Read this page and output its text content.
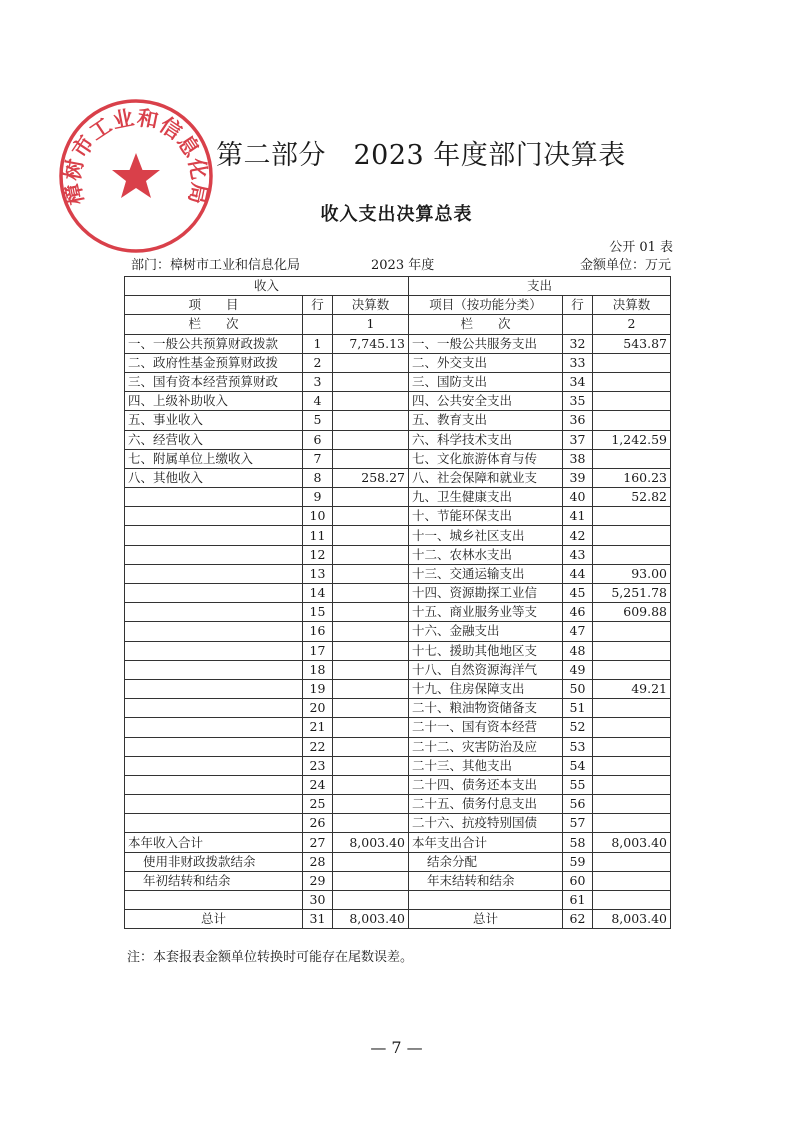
樟树市工业和信息化局
第二部分　2023 年度部门决算表
收入支出决算总表
公开 01 表
部门：樟树市工业和信息化局	2023 年度	金额单位：万元
收入			支出		
项　　目	行	决算数	项目（按功能分类）	行	决算数
栏　　次		1	栏　　次		2
一、一般公共预算财政拨款	1	7,745.13	一、一般公共服务支出	32	543.87
二、政府性基金预算财政拨	2		二、外交支出	33	
三、国有资本经营预算财政	3		三、国防支出	34	
四、上级补助收入	4		四、公共安全支出	35	
五、事业收入	5		五、教育支出	36	
六、经营收入	6		六、科学技术支出	37	1,242.59
七、附属单位上缴收入	7		七、文化旅游体育与传	38	
八、其他收入	8	258.27	八、社会保障和就业支	39	160.23
	9		九、卫生健康支出	40	52.82
	10		十、节能环保支出	41	
	11		十一、城乡社区支出	42	
	12		十二、农林水支出	43	
	13		十三、交通运输支出	44	93.00
	14		十四、资源勘探工业信	45	5,251.78
	15		十五、商业服务业等支	46	609.88
	16		十六、金融支出	47	
	17		十七、援助其他地区支	48	
	18		十八、自然资源海洋气	49	
	19		十九、住房保障支出	50	49.21
	20		二十、粮油物资储备支	51	
	21		二十一、国有资本经营	52	
	22		二十二、灾害防治及应	53	
	23		二十三、其他支出	54	
	24		二十四、债务还本支出	55	
	25		二十五、债务付息支出	56	
	26		二十六、抗疫特别国债	57	
本年收入合计	27	8,003.40	本年支出合计	58	8,003.40
使用非财政拨款结余	28		结余分配	59	
年初结转和结余	29		年末结转和结余	60	
	30			61	
总计	31	8,003.40	总计	62	8,003.40
注：本套报表金额单位转换时可能存在尾数误差。
— 7 —
